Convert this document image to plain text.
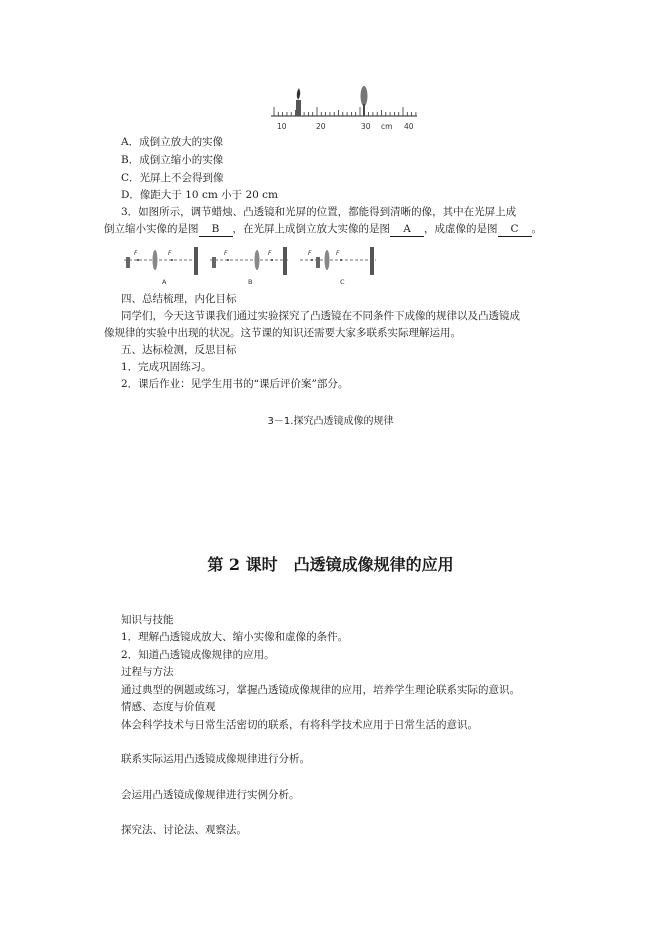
10	20	30 cm 40
A．成倒立放大的实像
B．成倒立缩小的实像
C．光屏上不会得到像
D．像距大于 10 cm 小于 20 cm
3．如图所示，调节蜡烛、凸透镜和光屏的位置，都能得到清晰的像，其中在光屏上成
倒立缩小实像的是图 B ，在光屏上成倒立放大实像的是图 A ，成虚像的是图 C 。
F	F
A
F	F
B
F	F
C
四、总结梳理，内化目标
同学们，今天这节课我们通过实验探究了凸透镜在不同条件下成像的规律以及凸透镜成
像规律的实验中出现的状况。这节课的知识还需要大家多联系实际理解运用。
五、达标检测，反思目标
1．完成巩固练习。
2．课后作业：见学生用书的“课后评价案”部分。
3－1.探究凸透镜成像的规律
第 2 课时　凸透镜成像规律的应用
知识与技能
1．理解凸透镜成放大、缩小实像和虚像的条件。
2．知道凸透镜成像规律的应用。
过程与方法
通过典型的例题或练习，掌握凸透镜成像规律的应用，培养学生理论联系实际的意识。
情感、态度与价值观
体会科学技术与日常生活密切的联系，有将科学技术应用于日常生活的意识。
联系实际运用凸透镜成像规律进行分析。
会运用凸透镜成像规律进行实例分析。
探究法、讨论法、观察法。
